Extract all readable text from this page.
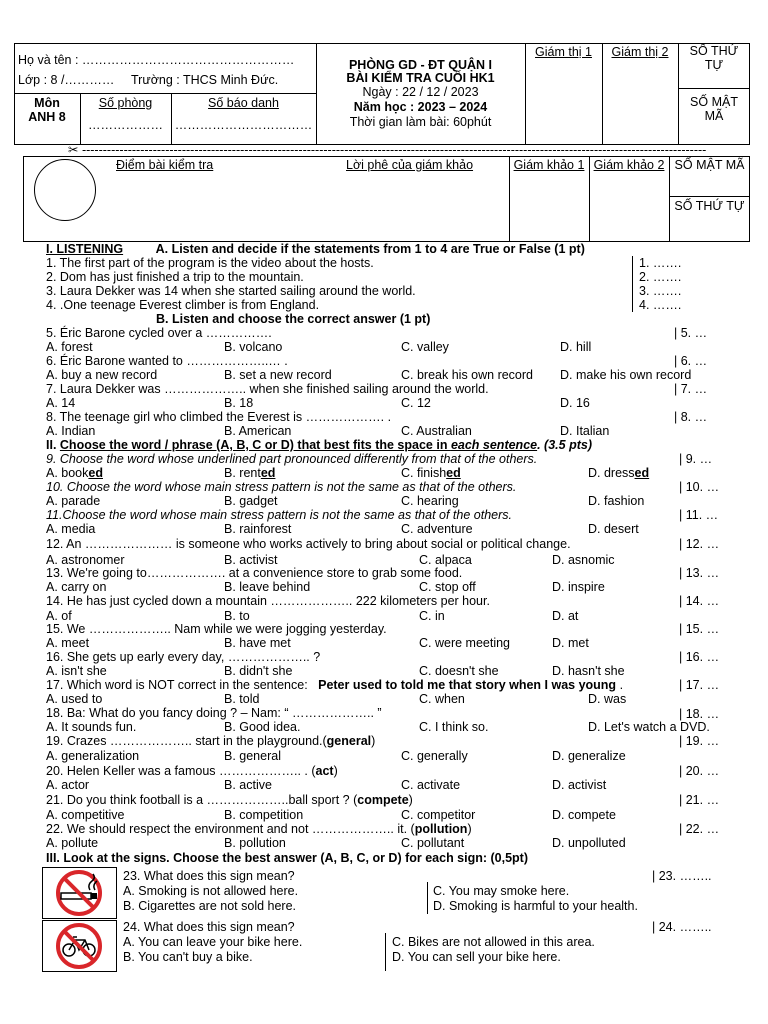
Họ và tên : ……………………………………………
Lớp : 8 /………… Trường : THCS Minh Đức.
Môn
ANH 8
Số phòng
………………
Số báo danh
……………………………
PHÒNG GD - ĐT QUẬN I
BÀI KIỂM TRA CUỐI HK1
Ngày : 22 / 12 / 2023
Năm học : 2023 – 2024
Thời gian làm bài: 60phút
Giám thị 1	Giám thị 2	SỐ THỨ TỰ
SỐ MẬT MÃ
✂ ------------------------------------------------------------------------------------------------------------------------------------------------------
Điểm bài kiểm tra	Lời phê của giám khảo	Giám khảo 1 Giám khảo 2 SỐ MẬT MÃ
SỐ THỨ TỰ
I. LISTENING	A. Listen and decide if the statements from 1 to 4 are True or False (1 pt)
1. The first part of the program is the video about the hosts.	1. …….
2. Dom has just finished a trip to the mountain.	2. …….
3. Laura Dekker was 14 when she started sailing around the world.	3. …….
4. .One teenage Everest climber is from England.	4. …….
B. Listen and choose the correct answer (1 pt)
5. Éric Barone cycled over a …………….	| 5. …
A. forest	B. volcano	C. valley	D. hill
6. Éric Barone wanted to ………………..… .	| 6. …
A. buy a new record	B. set a new record	C. break his own record D. make his own record
7. Laura Dekker was ……………….. when she finished sailing around the world.	| 7. …
A. 14	B. 18	C. 12	D. 16
8. The teenage girl who climbed the Everest is ………………. .	| 8. …
A. Indian	B. American	C. Australian	D. Italian
II. Choose the word / phrase (A, B, C or D) that best fits the space in each sentence. (3.5 pts)
9. Choose the word whose underlined part pronounced differently from that of the others.	| 9. …
A. booked	B. rented	C. finished	D. dressed
10. Choose the word whose main stress pattern is not the same as that of the others.	| 10. …
A. parade	B. gadget	C. hearing	D. fashion
11.Choose the word whose main stress pattern is not the same as that of the others.	| 11. …
A. media	B. rainforest	C. adventure	D. desert
12. An ………………… is someone who works actively to bring about social or political change.	| 12. …
A. astronomer	B. activist	C. alpaca	D. asnomic
13. We're going to………………. at a convenience store to grab some food.	| 13. …
A. carry on	B. leave behind	C. stop off	D. inspire
14. He has just cycled down a mountain ……………….. 222 kilometers per hour.	| 14. …
A. of	B. to	C. in	D. at
15. We ……………….. Nam while we were jogging yesterday.	| 15. …
A. meet	B. have met	C. were meeting	D. met
16. She gets up early every day, ……………….. ?	| 16. …
A. isn't she	B. didn't she	C. doesn't she	D. hasn't she
17. Which word is NOT correct in the sentence: Peter used to told me that story when I was young .	| 17. …
A. used to	B. told	C. when	D. was
18. Ba: What do you fancy doing ? – Nam: “ ……………….. ”	| 18. …
A. It sounds fun.	B. Good idea.	C. I think so.	D. Let's watch a DVD.
19. Crazes ……………….. start in the playground.(general)	| 19. …
A. generalization	B. general	C. generally	D. generalize
20. Helen Keller was a famous ……………….. . (act)	| 20. …
A. actor	B. active	C. activate	D. activist
21. Do you think football is a ………………..ball sport ? (compete)	| 21. …
A. competitive	B. competition	C. competitor	D. compete
22. We should respect the environment and not ……………….. it. (pollution)	| 22. …
A. pollute	B. pollution	C. pollutant	D. unpolluted
III. Look at the signs. Choose the best answer (A, B, C, or D) for each sign: (0,5pt)
23. What does this sign mean?	| 23. ……..
A. Smoking is not allowed here.
B. Cigarettes are not sold here.
C. You may smoke here.
D. Smoking is harmful to your health.
24. What does this sign mean?	| 24. ……..
A. You can leave your bike here.
B. You can't buy a bike.
C. Bikes are not allowed in this area.
D. You can sell your bike here.
